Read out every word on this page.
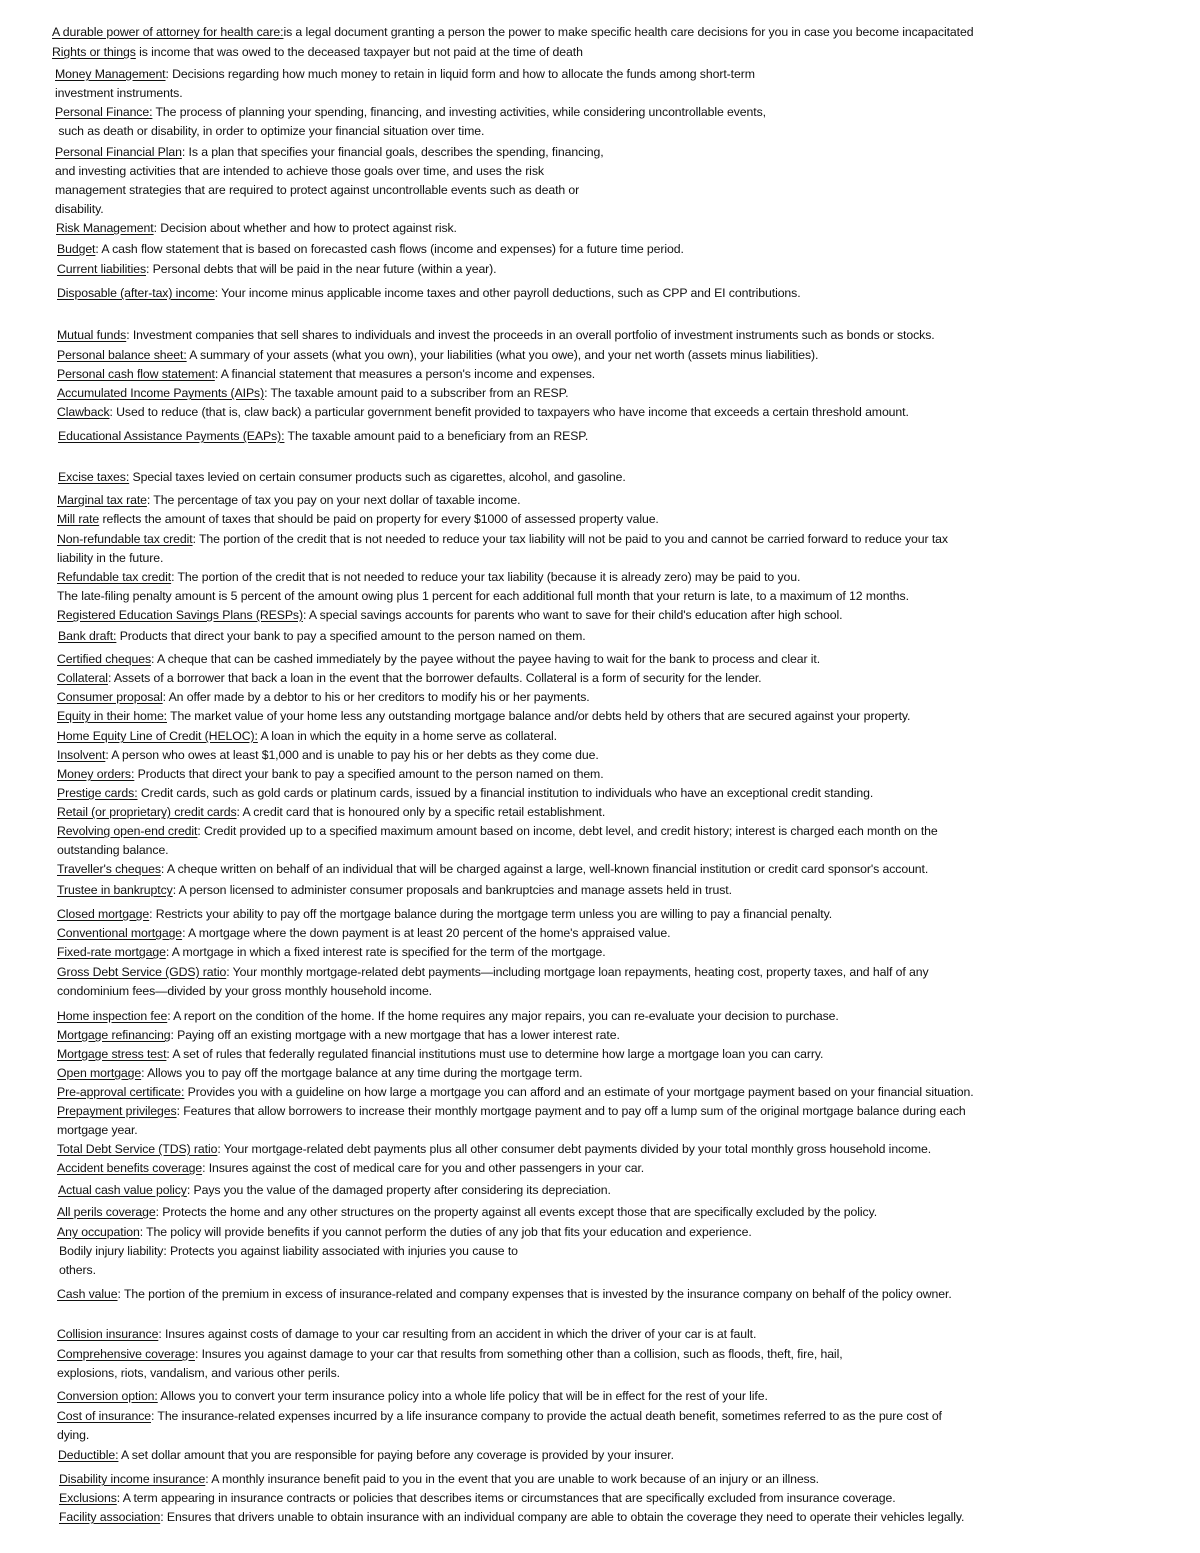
A durable power of attorney for health care:is a legal document granting a person the power to make specific health care decisions for you in case you become incapacitated
Rights or things is income that was owed to the deceased taxpayer but not paid at the time of death
Money Management: Decisions regarding how much money to retain in liquid form and how to allocate the funds among short-term
investment instruments.
Personal Finance: The process of planning your spending, financing, and investing activities, while considering uncontrollable events,
such as death or disability, in order to optimize your financial situation over time.
Personal Financial Plan: Is a plan that specifies your financial goals, describes the spending, financing,
and investing activities that are intended to achieve those goals over time, and uses the risk
management strategies that are required to protect against uncontrollable events such as death or
disability.
Risk Management: Decision about whether and how to protect against risk.
Budget: A cash flow statement that is based on forecasted cash flows (income and expenses) for a future time period.
Current liabilities: Personal debts that will be paid in the near future (within a year).
Disposable (after-tax) income: Your income minus applicable income taxes and other payroll deductions, such as CPP and EI contributions.
Mutual funds: Investment companies that sell shares to individuals and invest the proceeds in an overall portfolio of investment instruments such as bonds or stocks.
Personal balance sheet: A summary of your assets (what you own), your liabilities (what you owe), and your net worth (assets minus liabilities).
Personal cash flow statement: A financial statement that measures a person's income and expenses.
Accumulated Income Payments (AIPs): The taxable amount paid to a subscriber from an RESP.
Clawback: Used to reduce (that is, claw back) a particular government benefit provided to taxpayers who have income that exceeds a certain threshold amount.
Educational Assistance Payments (EAPs): The taxable amount paid to a beneficiary from an RESP.
Excise taxes: Special taxes levied on certain consumer products such as cigarettes, alcohol, and gasoline.
Marginal tax rate: The percentage of tax you pay on your next dollar of taxable income.
Mill rate reflects the amount of taxes that should be paid on property for every $1000 of assessed property value.
Non-refundable tax credit: The portion of the credit that is not needed to reduce your tax liability will not be paid to you and cannot be carried forward to reduce your tax
liability in the future.
Refundable tax credit: The portion of the credit that is not needed to reduce your tax liability (because it is already zero) may be paid to you.
The late-filing penalty amount is 5 percent of the amount owing plus 1 percent for each additional full month that your return is late, to a maximum of 12 months.
Registered Education Savings Plans (RESPs): A special savings accounts for parents who want to save for their child's education after high school.
Bank draft: Products that direct your bank to pay a specified amount to the person named on them.
Certified cheques: A cheque that can be cashed immediately by the payee without the payee having to wait for the bank to process and clear it.
Collateral: Assets of a borrower that back a loan in the event that the borrower defaults. Collateral is a form of security for the lender.
Consumer proposal: An offer made by a debtor to his or her creditors to modify his or her payments.
Equity in their home: The market value of your home less any outstanding mortgage balance and/or debts held by others that are secured against your property.
Home Equity Line of Credit (HELOC): A loan in which the equity in a home serve as collateral.
Insolvent: A person who owes at least $1,000 and is unable to pay his or her debts as they come due.
Money orders: Products that direct your bank to pay a specified amount to the person named on them.
Prestige cards: Credit cards, such as gold cards or platinum cards, issued by a financial institution to individuals who have an exceptional credit standing.
Retail (or proprietary) credit cards: A credit card that is honoured only by a specific retail establishment.
Revolving open-end credit: Credit provided up to a specified maximum amount based on income, debt level, and credit history; interest is charged each month on the
outstanding balance.
Traveller's cheques: A cheque written on behalf of an individual that will be charged against a large, well-known financial institution or credit card sponsor's account.
Trustee in bankruptcy: A person licensed to administer consumer proposals and bankruptcies and manage assets held in trust.
Closed mortgage: Restricts your ability to pay off the mortgage balance during the mortgage term unless you are willing to pay a financial penalty.
Conventional mortgage: A mortgage where the down payment is at least 20 percent of the home's appraised value.
Fixed-rate mortgage: A mortgage in which a fixed interest rate is specified for the term of the mortgage.
Gross Debt Service (GDS) ratio: Your monthly mortgage-related debt payments—including mortgage loan repayments, heating cost, property taxes, and half of any
condominium fees—divided by your gross monthly household income.
Home inspection fee: A report on the condition of the home. If the home requires any major repairs, you can re-evaluate your decision to purchase.
Mortgage refinancing: Paying off an existing mortgage with a new mortgage that has a lower interest rate.
Mortgage stress test: A set of rules that federally regulated financial institutions must use to determine how large a mortgage loan you can carry.
Open mortgage: Allows you to pay off the mortgage balance at any time during the mortgage term.
Pre-approval certificate: Provides you with a guideline on how large a mortgage you can afford and an estimate of your mortgage payment based on your financial situation.
Prepayment privileges: Features that allow borrowers to increase their monthly mortgage payment and to pay off a lump sum of the original mortgage balance during each
mortgage year.
Total Debt Service (TDS) ratio: Your mortgage-related debt payments plus all other consumer debt payments divided by your total monthly gross household income.
Accident benefits coverage: Insures against the cost of medical care for you and other passengers in your car.
Actual cash value policy: Pays you the value of the damaged property after considering its depreciation.
All perils coverage: Protects the home and any other structures on the property against all events except those that are specifically excluded by the policy.
Any occupation: The policy will provide benefits if you cannot perform the duties of any job that fits your education and experience.
Bodily injury liability: Protects you against liability associated with injuries you cause to
others.
Cash value: The portion of the premium in excess of insurance-related and company expenses that is invested by the insurance company on behalf of the policy owner.
Collision insurance: Insures against costs of damage to your car resulting from an accident in which the driver of your car is at fault.
Comprehensive coverage: Insures you against damage to your car that results from something other than a collision, such as floods, theft, fire, hail,
explosions, riots, vandalism, and various other perils.
Conversion option: Allows you to convert your term insurance policy into a whole life policy that will be in effect for the rest of your life.
Cost of insurance: The insurance-related expenses incurred by a life insurance company to provide the actual death benefit, sometimes referred to as the pure cost of
dying.
Deductible: A set dollar amount that you are responsible for paying before any coverage is provided by your insurer.
Disability income insurance: A monthly insurance benefit paid to you in the event that you are unable to work because of an injury or an illness.
Exclusions: A term appearing in insurance contracts or policies that describes items or circumstances that are specifically excluded from insurance coverage.
Facility association: Ensures that drivers unable to obtain insurance with an individual company are able to obtain the coverage they need to operate their vehicles legally.
